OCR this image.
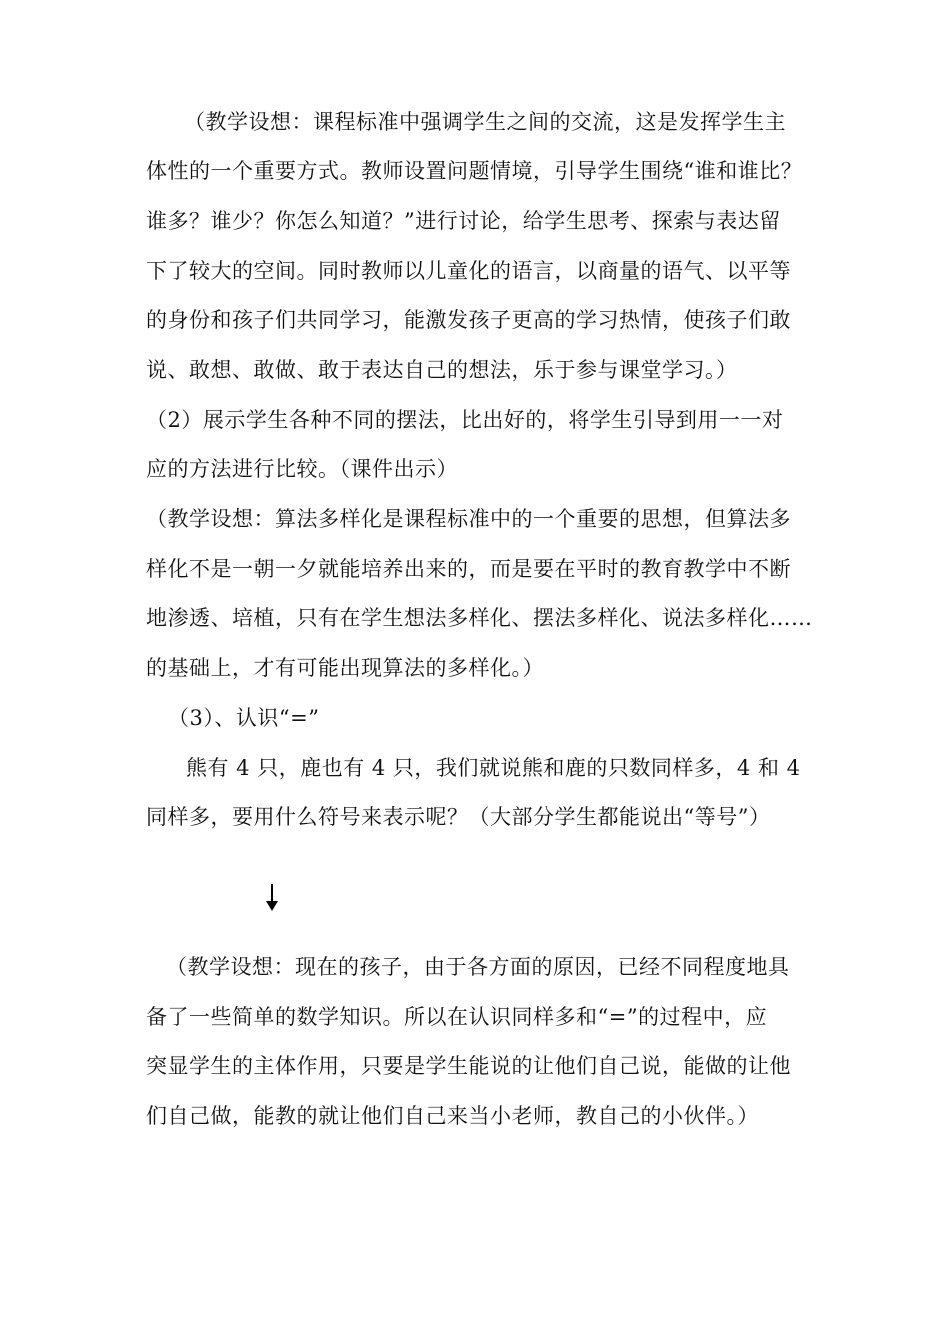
（教学设想：课程标准中强调学生之间的交流，这是发挥学生主
体性的一个重要方式。教师设置问题情境，引导学生围绕“谁和谁比？
谁多？谁少？你怎么知道？”进行讨论，给学生思考、探索与表达留
下了较大的空间。同时教师以儿童化的语言，以商量的语气、以平等
的身份和孩子们共同学习，能激发孩子更高的学习热情，使孩子们敢
说、敢想、敢做、敢于表达自己的想法，乐于参与课堂学习。）
（2）展示学生各种不同的摆法，比出好的，将学生引导到用一一对
应的方法进行比较。（课件出示）
（教学设想：算法多样化是课程标准中的一个重要的思想，但算法多
样化不是一朝一夕就能培养出来的，而是要在平时的教育教学中不断
地渗透、培植，只有在学生想法多样化、摆法多样化、说法多样化……
的基础上，才有可能出现算法的多样化。）
（3）、认识“=”
熊有 4 只，鹿也有 4 只，我们就说熊和鹿的只数同样多，4 和 4
同样多，要用什么符号来表示呢？（大部分学生都能说出“等号”）
（教学设想：现在的孩子，由于各方面的原因，已经不同程度地具
备了一些简单的数学知识。所以在认识同样多和“=”的过程中，应
突显学生的主体作用，只要是学生能说的让他们自己说，能做的让他
们自己做，能教的就让他们自己来当小老师，教自己的小伙伴。）
